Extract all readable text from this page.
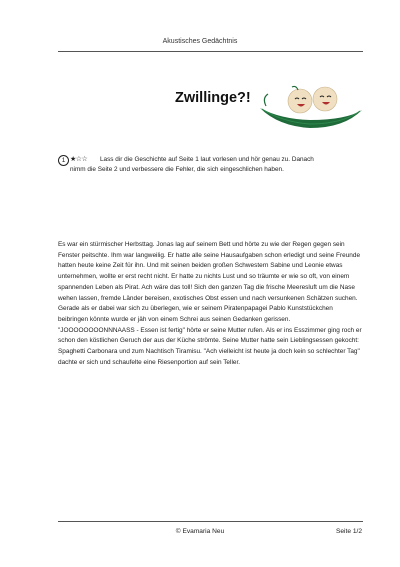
Akustisches Gedächtnis
Zwillinge?!
1 ★☆☆ Lass dir die Geschichte auf Seite 1 laut vorlesen und hör genau zu. Danach
nimm die Seite 2 und verbessere die Fehler, die sich eingeschlichen haben.
Es war ein stürmischer Herbsttag. Jonas lag auf seinem Bett und hörte zu wie der Regen gegen sein Fenster peitschte. Ihm war langweilig. Er hatte alle seine Hausaufgaben schon erledigt und seine Freunde hatten heute keine Zeit für ihn. Und mit seinen beiden großen Schwestern Sabine und Leonie etwas unternehmen, wollte er erst recht nicht. Er hatte zu nichts Lust und so träumte er wie so oft, von einem spannenden Leben als Pirat. Ach wäre das toll! Sich den ganzen Tag die frische Meeresluft um die Nase wehen lassen, fremde Länder bereisen, exotisches Obst essen und nach versunkenen Schätzen suchen. Gerade als er dabei war sich zu überlegen, wie er seinem Piratenpapagei Pablo Kunststückchen beibringen könnte wurde er jäh von einem Schrei aus seinen Gedanken gerissen. "JOOOOOOOONNNAASS - Essen ist fertig" hörte er seine Mutter rufen. Als er ins Esszimmer ging roch er schon den köstlichen Geruch der aus der Küche strömte. Seine Mutter hatte sein Lieblingsessen gekocht: Spaghetti Carbonara und zum Nachtisch Tiramisu. "Ach vielleicht ist heute ja doch kein so schlechter Tag" dachte er sich und schaufelte eine Riesenportion auf sein Teller.
© Evamaria Neu	Seite 1/2
